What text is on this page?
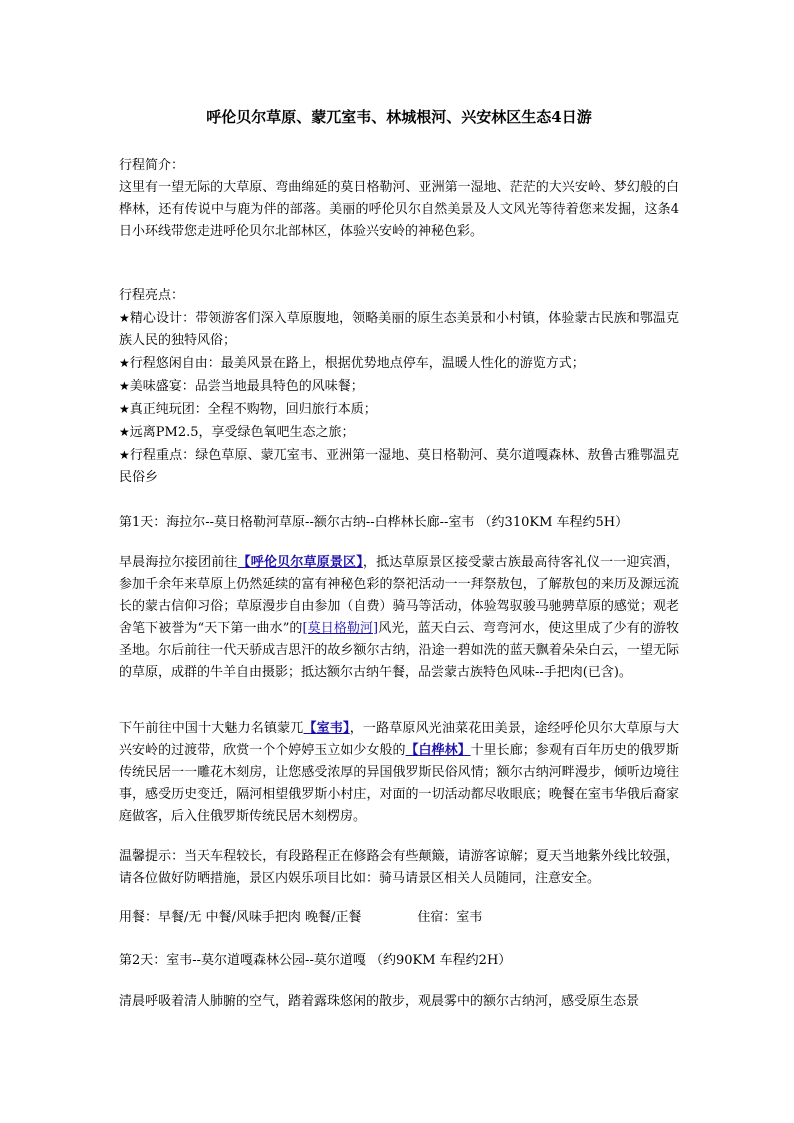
呼伦贝尔草原、蒙兀室韦、林城根河、兴安林区生态4日游

行程简介：

这里有一望无际的大草原、弯曲绵延的莫日格勒河、亚洲第一湿地、茫茫的大兴安岭、梦幻般的白桦林，还有传说中与鹿为伴的部落。美丽的呼伦贝尔自然美景及人文风光等待着您来发掘，这条4日小环线带您走进呼伦贝尔北部林区，体验兴安岭的神秘色彩。

行程亮点：

★精心设计：带领游客们深入草原腹地，领略美丽的原生态美景和小村镇，体验蒙古民族和鄂温克族人民的独特风俗；

★行程悠闲自由：最美风景在路上，根据优势地点停车，温暖人性化的游览方式；

★美味盛宴：品尝当地最具特色的风味餐；

★真正纯玩团：全程不购物，回归旅行本质；

★远离PM2.5，享受绿色氧吧生态之旅；

★行程重点：绿色草原、蒙兀室韦、亚洲第一湿地、莫日格勒河、莫尔道嘎森林、敖鲁古雅鄂温克民俗乡

第1天：海拉尔--莫日格勒河草原--额尔古纳--白桦林长廊--室韦 （约310KM 车程约5H）
早晨海拉尔接团前往【呼伦贝尔草原景区】，抵达草原景区接受蒙古族最高待客礼仪一一迎宾酒，参加千余年来草原上仍然延续的富有神秘色彩的祭祀活动一一拜祭敖包，了解敖包的来历及源远流长的蒙古信仰习俗；草原漫步自由参加（自费）骑马等活动，体验驾驭骏马驰骋草原的感觉；观老舍笔下被誉为“天下第一曲水”的[莫日格勒河]风光，蓝天白云、弯弯河水，使这里成了少有的游牧圣地。尔后前往一代天骄成吉思汗的故乡额尔古纳，沿途一碧如洗的蓝天飘着朵朵白云，一望无际的草原，成群的牛羊自由摄影；抵达额尔古纳午餐，品尝蒙古族特色风味--手把肉(已含)。
下午前往中国十大魅力名镇蒙兀【室韦】，一路草原风光油菜花田美景，途经呼伦贝尔大草原与大兴安岭的过渡带，欣赏一个个婷婷玉立如少女般的【白桦林】十里长廊；参观有百年历史的俄罗斯传统民居一一雕花木刻房，让您感受浓厚的异国俄罗斯民俗风情；额尔古纳河畔漫步，倾听边境往事，感受历史变迁，隔河相望俄罗斯小村庄，对面的一切活动都尽收眼底；晚餐在室韦华俄后裔家庭做客，后入住俄罗斯传统民居木刻楞房。
温馨提示：当天车程较长，有段路程正在修路会有些颠簸，请游客谅解；夏天当地紫外线比较强，请各位做好防晒措施，景区内娱乐项目比如：骑马请景区相关人员随同，注意安全。
用餐：早餐/无 中餐/风味手把肉 晚餐/正餐	住宿：室韦
第2天：室韦--莫尔道嘎森林公园--莫尔道嘎 （约90KM 车程约2H）
清晨呼吸着清人肺腑的空气，踏着露珠悠闲的散步，观晨雾中的额尔古纳河，感受原生态景
